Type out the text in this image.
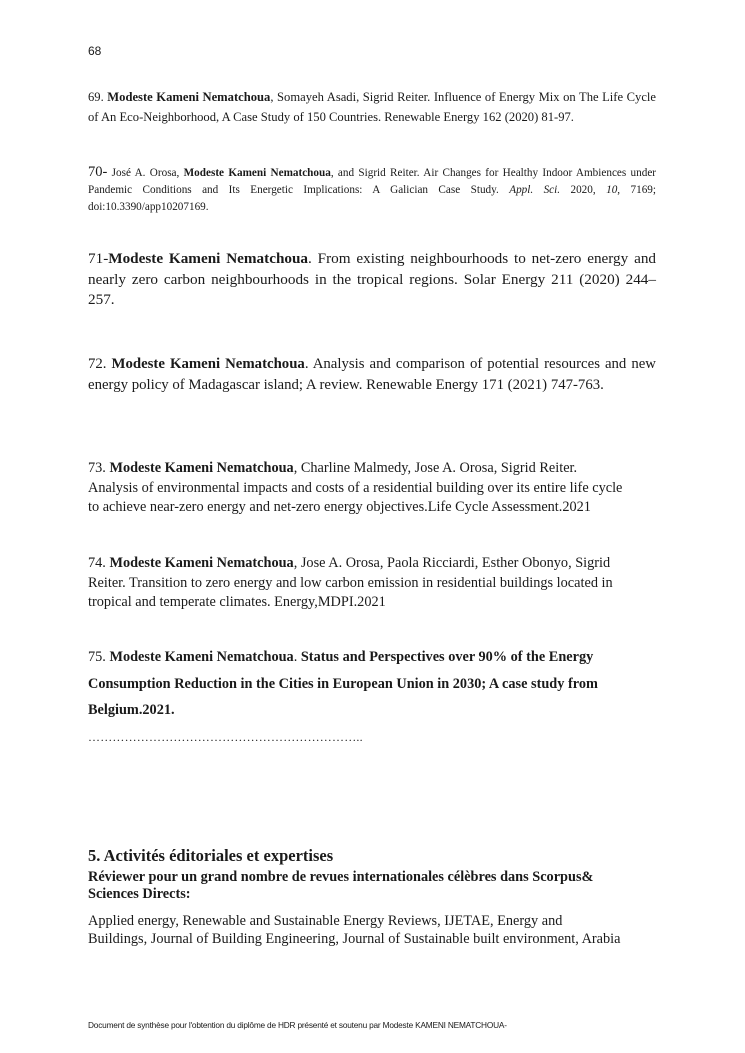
68
69. Modeste Kameni Nematchoua, Somayeh Asadi, Sigrid Reiter. Influence of Energy Mix on The Life Cycle of An Eco-Neighborhood, A Case Study of 150 Countries. Renewable Energy 162 (2020) 81-97.
70- José A. Orosa, Modeste Kameni Nematchoua, and Sigrid Reiter. Air Changes for Healthy Indoor Ambiences under Pandemic Conditions and Its Energetic Implications: A Galician Case Study. Appl. Sci. 2020, 10, 7169; doi:10.3390/app10207169.
71-Modeste Kameni Nematchoua. From existing neighbourhoods to net-zero energy and nearly zero carbon neighbourhoods in the tropical regions. Solar Energy 211 (2020) 244–257.
72. Modeste Kameni Nematchoua. Analysis and comparison of potential resources and new energy policy of Madagascar island; A review. Renewable Energy 171 (2021) 747-763.
73. Modeste Kameni Nematchoua, Charline Malmedy, Jose A. Orosa, Sigrid Reiter.
Analysis of environmental impacts and costs of a residential building over its entire life cycle
to achieve near-zero energy and net-zero energy objectives.Life Cycle Assessment.2021
74. Modeste Kameni Nematchoua, Jose A. Orosa, Paola Ricciardi, Esther Obonyo, Sigrid
Reiter. Transition to zero energy and low carbon emission in residential buildings located in
tropical and temperate climates. Energy,MDPI.2021
75. Modeste Kameni Nematchoua. Status and Perspectives over 90% of the Energy
Consumption Reduction in the Cities in European Union in 2030; A case study from
Belgium.2021.
…………………………………………………………..
5. Activités éditoriales et expertises
Réviewer pour un grand nombre de revues internationales célèbres dans Scorpus&
Sciences Directs:
Applied energy, Renewable and Sustainable Energy Reviews, IJETAE, Energy and
Buildings, Journal of Building Engineering, Journal of Sustainable built environment, Arabia
Document de synthèse pour l'obtention du diplôme de HDR présenté et soutenu par Modeste KAMENI NEMATCHOUA-
